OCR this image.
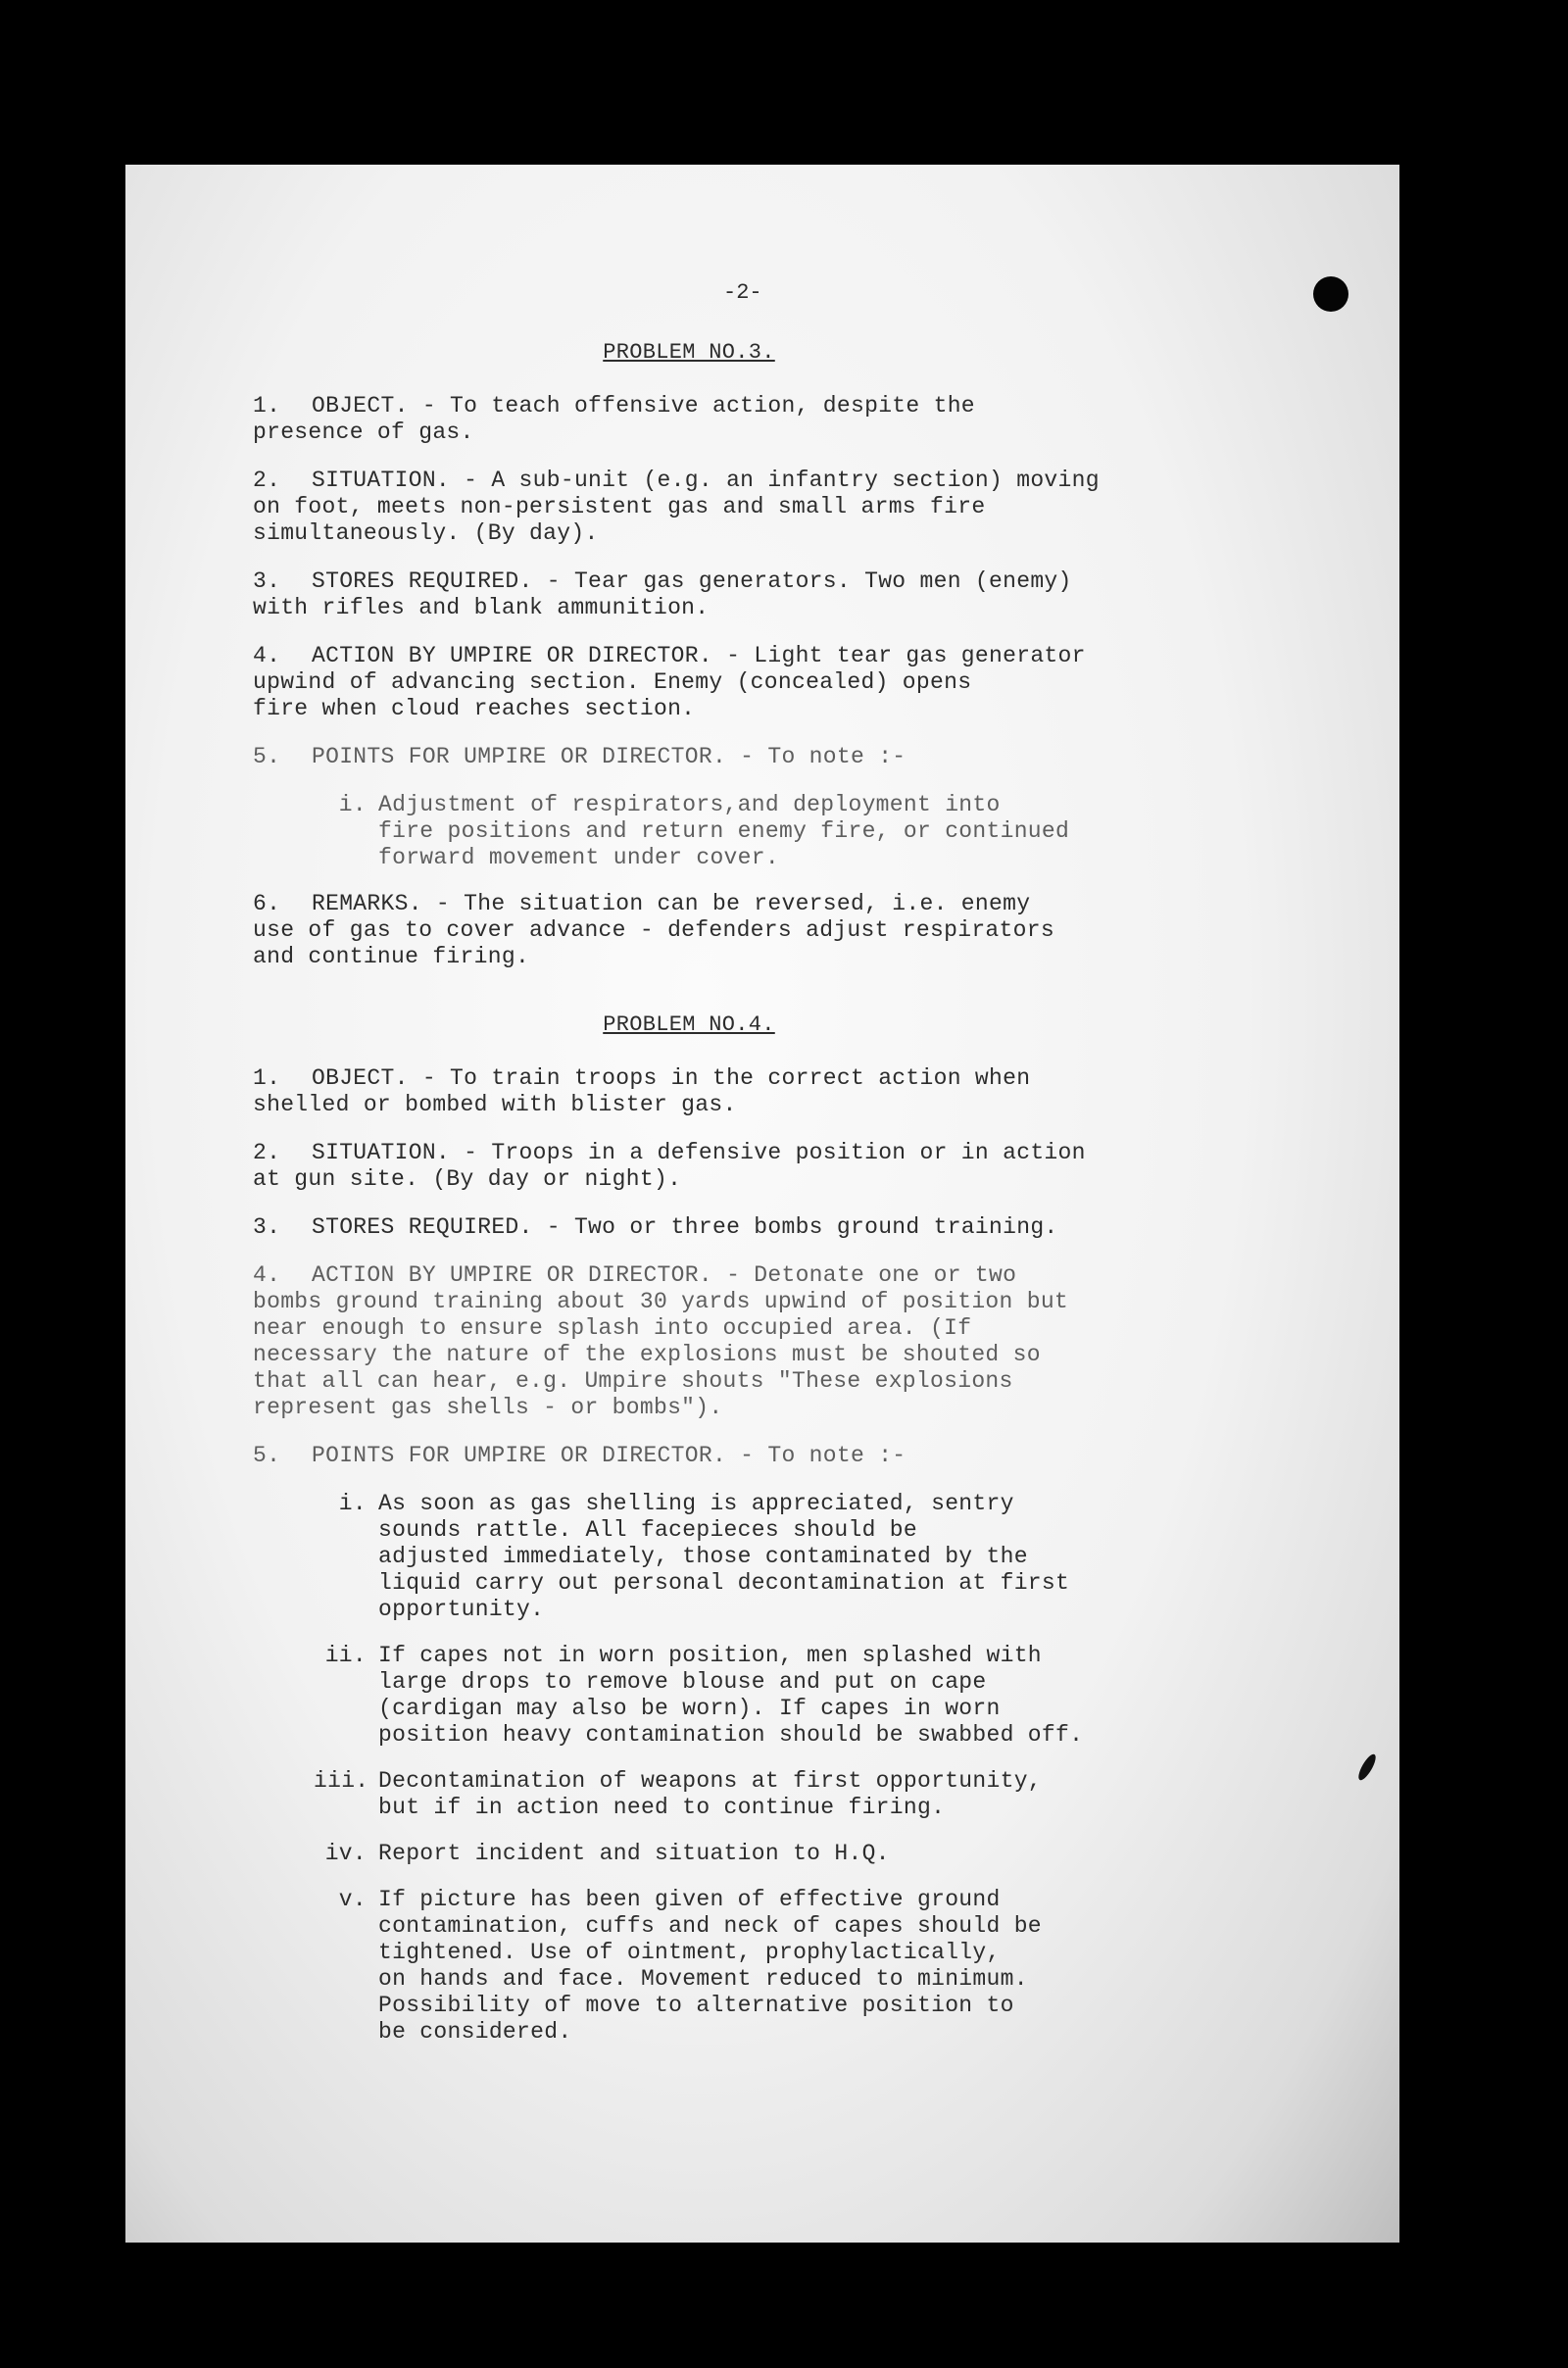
-2-
PROBLEM NO.3.
1. OBJECT. - To teach offensive action, despite the
presence of gas.
2. SITUATION. - A sub-unit (e.g. an infantry section) moving
on foot, meets non-persistent gas and small arms fire
simultaneously. (By day).
3. STORES REQUIRED. - Tear gas generators. Two men (enemy)
with rifles and blank ammunition.
4. ACTION BY UMPIRE OR DIRECTOR. - Light tear gas generator
upwind of advancing section. Enemy (concealed) opens
fire when cloud reaches section.
5. POINTS FOR UMPIRE OR DIRECTOR. - To note :-
i. Adjustment of respirators,and deployment into
fire positions and return enemy fire, or continued
forward movement under cover.
6. REMARKS. - The situation can be reversed, i.e. enemy
use of gas to cover advance - defenders adjust respirators
and continue firing.
PROBLEM NO.4.
1. OBJECT. - To train troops in the correct action when
shelled or bombed with blister gas.
2. SITUATION. - Troops in a defensive position or in action
at gun site. (By day or night).
3. STORES REQUIRED. - Two or three bombs ground training.
4. ACTION BY UMPIRE OR DIRECTOR. - Detonate one or two
bombs ground training about 30 yards upwind of position but
near enough to ensure splash into occupied area. (If
necessary the nature of the explosions must be shouted so
that all can hear, e.g. Umpire shouts "These explosions
represent gas shells - or bombs").
5. POINTS FOR UMPIRE OR DIRECTOR. - To note :-
i. As soon as gas shelling is appreciated, sentry
sounds rattle. All facepieces should be
adjusted immediately, those contaminated by the
liquid carry out personal decontamination at first
opportunity.
ii. If capes not in worn position, men splashed with
large drops to remove blouse and put on cape
(cardigan may also be worn). If capes in worn
position heavy contamination should be swabbed off.
iii. Decontamination of weapons at first opportunity,
but if in action need to continue firing.
iv. Report incident and situation to H.Q.
v. If picture has been given of effective ground
contamination, cuffs and neck of capes should be
tightened. Use of ointment, prophylactically,
on hands and face. Movement reduced to minimum.
Possibility of move to alternative position to
be considered.
